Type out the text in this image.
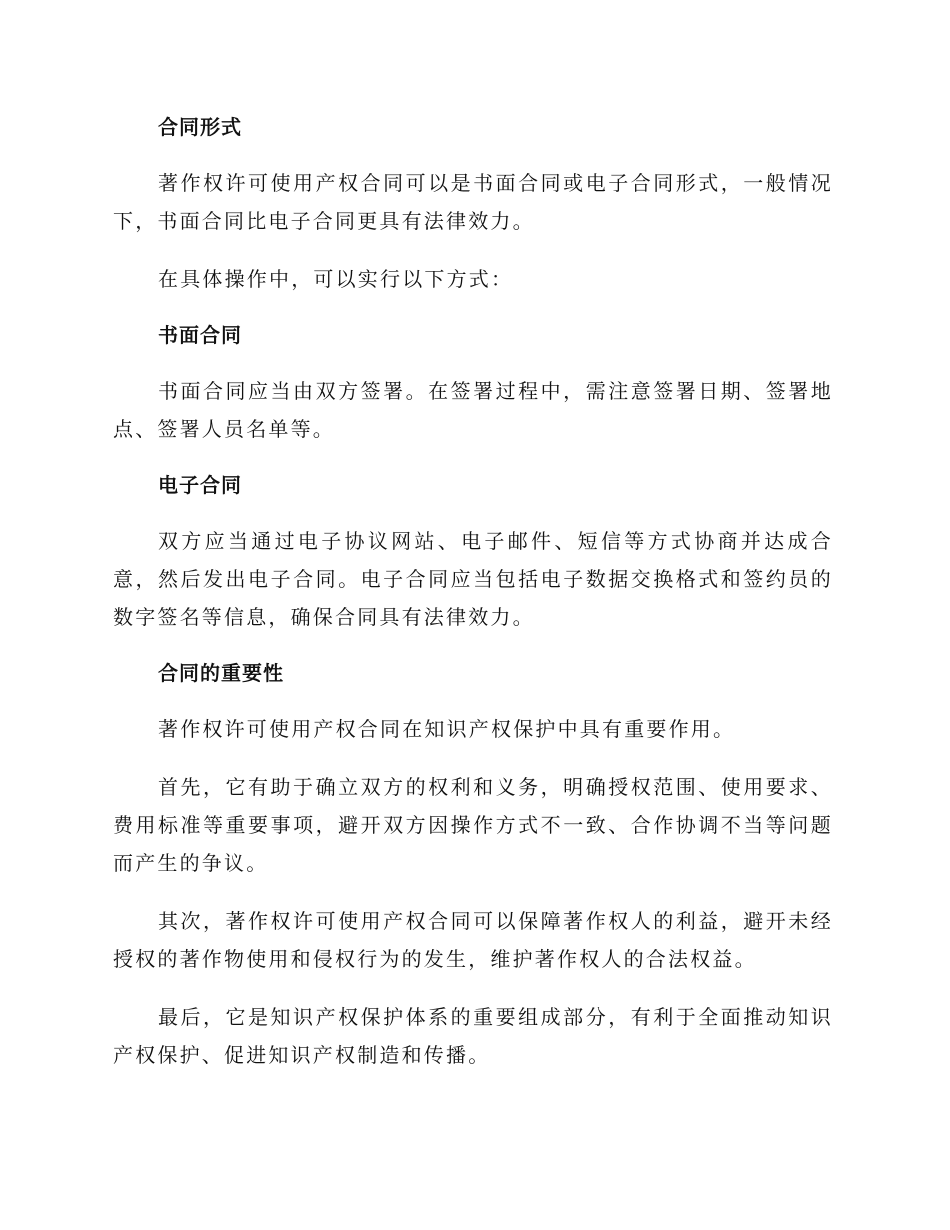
合同形式

著作权许可使用产权合同可以是书面合同或电子合同形式，一般情况下，书面合同比电子合同更具有法律效力。

在具体操作中，可以实行以下方式：

书面合同

书面合同应当由双方签署。在签署过程中，需注意签署日期、签署地点、签署人员名单等。

电子合同

双方应当通过电子协议网站、电子邮件、短信等方式协商并达成合意，然后发出电子合同。电子合同应当包括电子数据交换格式和签约员的数字签名等信息，确保合同具有法律效力。

合同的重要性

著作权许可使用产权合同在知识产权保护中具有重要作用。

首先，它有助于确立双方的权利和义务，明确授权范围、使用要求、费用标准等重要事项，避开双方因操作方式不一致、合作协调不当等问题而产生的争议。

其次，著作权许可使用产权合同可以保障著作权人的利益，避开未经授权的著作物使用和侵权行为的发生，维护著作权人的合法权益。

最后，它是知识产权保护体系的重要组成部分，有利于全面推动知识产权保护、促进知识产权制造和传播。
